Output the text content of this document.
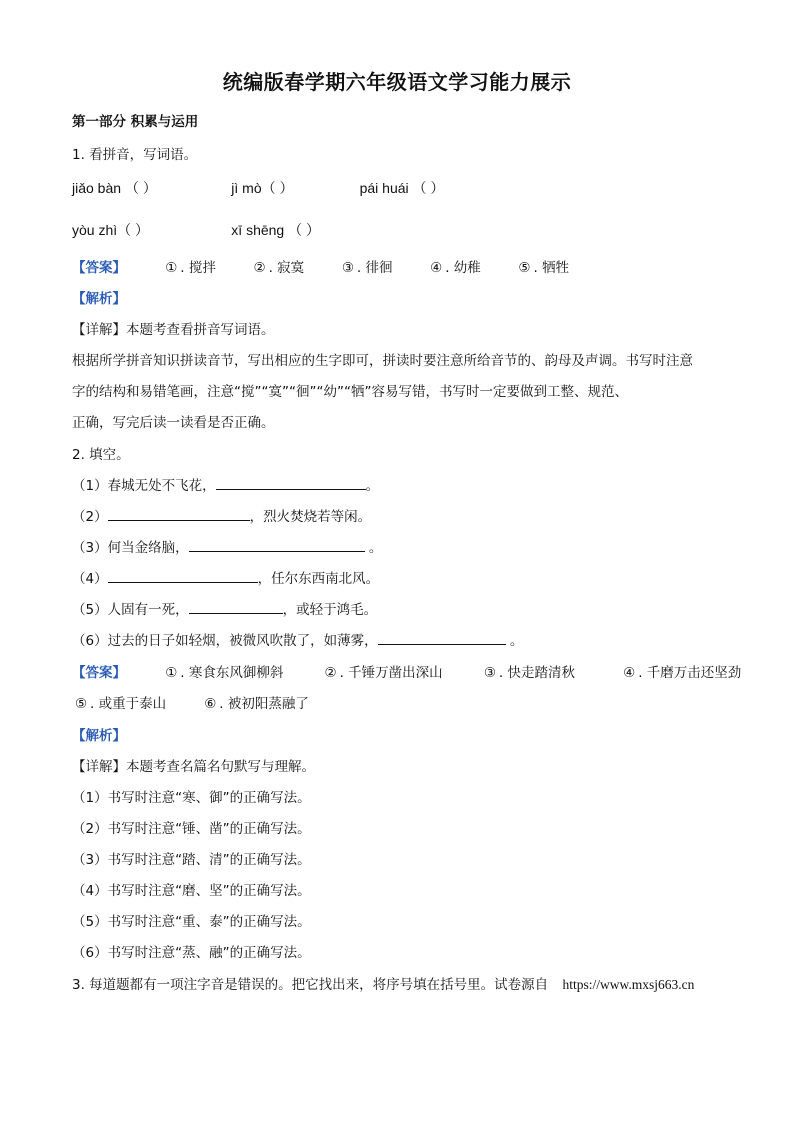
统编版春学期六年级语文学习能力展示
第一部分 积累与运用
1. 看拼音，写词语。
jiǎo bàn （ ）	jì mò（ ）	pái huái （ ）
yòu zhì（ ）	xī shēng （ ）
【答案】	① . 搅拌	② . 寂寞	③ . 徘徊	④ . 幼稚	⑤ . 牺牲
【解析】
【详解】本题考查看拼音写词语。
根据所学拼音知识拼读音节，写出相应的生字即可，拼读时要注意所给音节的、韵母及声调。书写时注意
字的结构和易错笔画，注意“搅”“寞”“徊”“幼”“牺”容易写错，书写时一定要做到工整、规范、
正确，写完后读一读看是否正确。
2. 填空。
（1）春城无处不飞花，	。
（2）	，烈火焚烧若等闲。
（3）何当金络脑，	。
（4）	，任尔东西南北风。
（5）人固有一死，	，或轻于鸿毛。
（6）过去的日子如轻烟，被微风吹散了，如薄雾，	。
【答案】	① . 寒食东风御柳斜	② . 千锤万凿出深山	③ . 快走踏清秋	④ . 千磨万击还坚劲
⑤ . 或重于泰山	⑥ . 被初阳蒸融了
【解析】
【详解】本题考查名篇名句默写与理解。
（1）书写时注意“寒、御”的正确写法。
（2）书写时注意“锤、凿”的正确写法。
（3）书写时注意“踏、清”的正确写法。
（4）书写时注意“磨、坚”的正确写法。
（5）书写时注意“重、泰”的正确写法。
（6）书写时注意“蒸、融”的正确写法。
3. 每道题都有一项注字音是错误的。把它找出来，将序号填在括号里。试卷源自 https://www.mxsj663.cn
